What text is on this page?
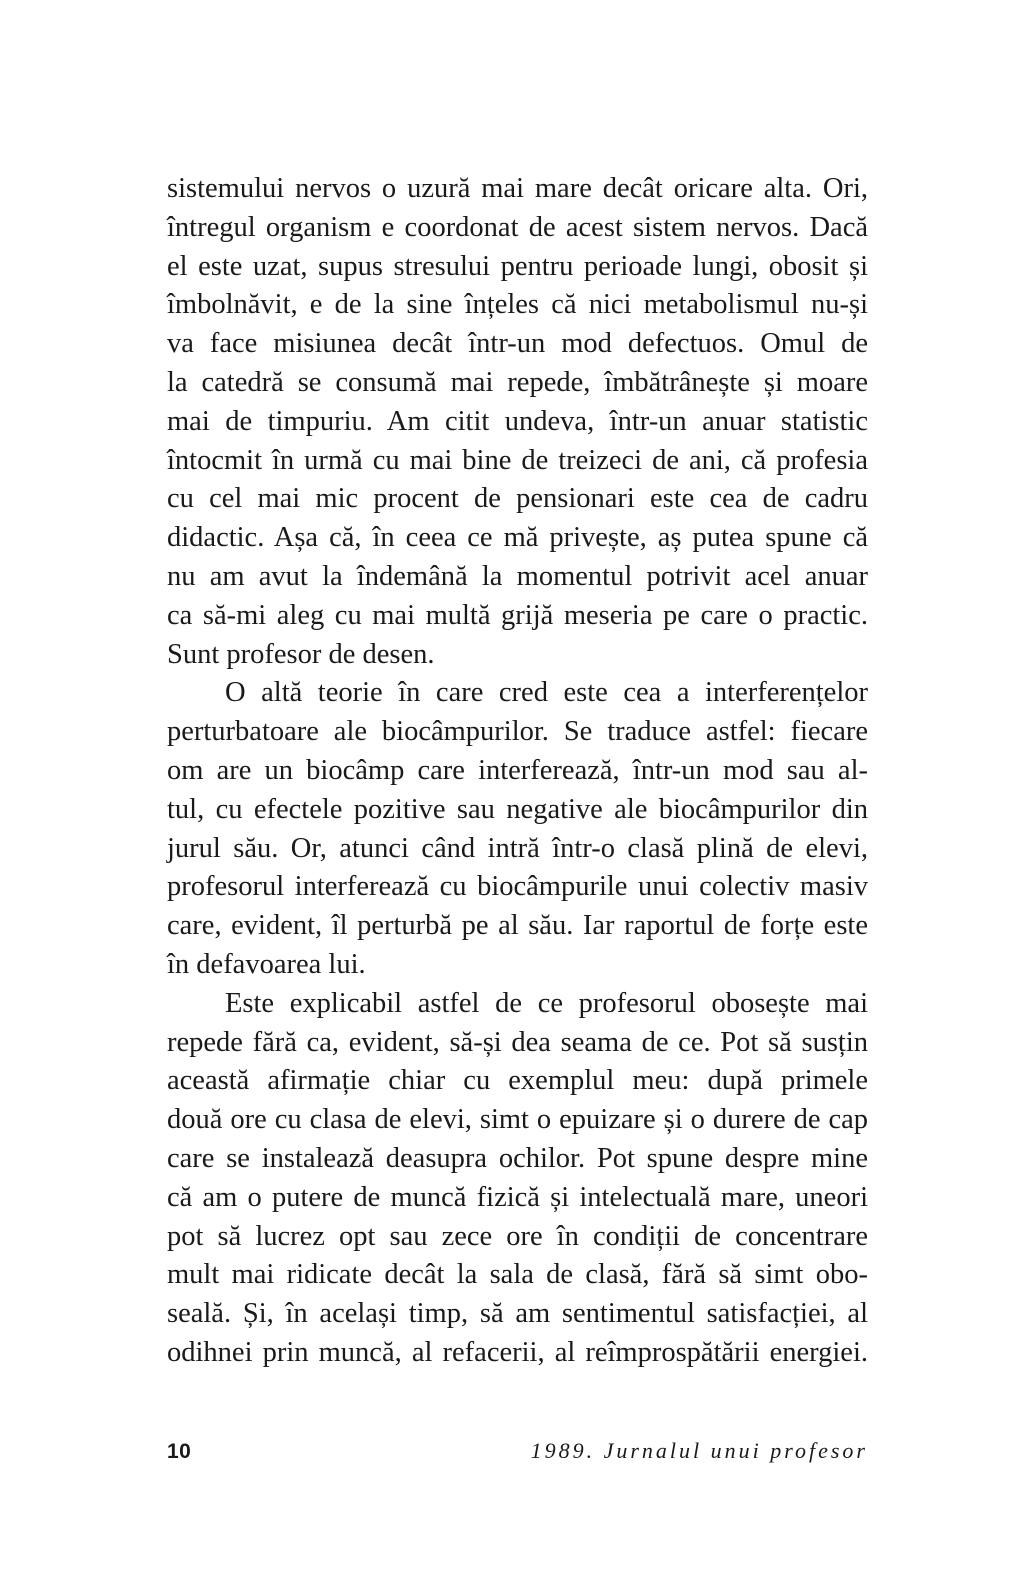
sistemului nervos o uzură mai mare decât oricare alta. Ori,
întregul organism e coordonat de acest sistem nervos. Dacă
el este uzat, supus stresului pentru perioade lungi, obosit și
îmbolnăvit, e de la sine înțeles că nici metabolismul nu-și
va face misiunea decât într-un mod defectuos. Omul de
la catedră se consumă mai repede, îmbătrânește și moare
mai de timpuriu. Am citit undeva, într-un anuar statistic
întocmit în urmă cu mai bine de treizeci de ani, că profesia
cu cel mai mic procent de pensionari este cea de cadru
didactic. Așa că, în ceea ce mă privește, aș putea spune că
nu am avut la îndemână la momentul potrivit acel anuar
ca să-mi aleg cu mai multă grijă meseria pe care o practic.
Sunt profesor de desen.
O altă teorie în care cred este cea a interferențelor
perturbatoare ale biocâmpurilor. Se traduce astfel: fiecare
om are un biocâmp care interferează, într-un mod sau al-
tul, cu efectele pozitive sau negative ale biocâmpurilor din
jurul său. Or, atunci când intră într-o clasă plină de elevi,
profesorul interferează cu biocâmpurile unui colectiv masiv
care, evident, îl perturbă pe al său. Iar raportul de forțe este
în defavoarea lui.
Este explicabil astfel de ce profesorul obosește mai
repede fără ca, evident, să-și dea seama de ce. Pot să susțin
această afirmație chiar cu exemplul meu: după primele
două ore cu clasa de elevi, simt o epuizare și o durere de cap
care se instalează deasupra ochilor. Pot spune despre mine
că am o putere de muncă fizică și intelectuală mare, uneori
pot să lucrez opt sau zece ore în condiții de concentrare
mult mai ridicate decât la sala de clasă, fără să simt obo-
seală. Și, în același timp, să am sentimentul satisfacției, al
odihnei prin muncă, al refacerii, al reîmprospătării energiei.
10	1989. Jurnalul unui profesor
